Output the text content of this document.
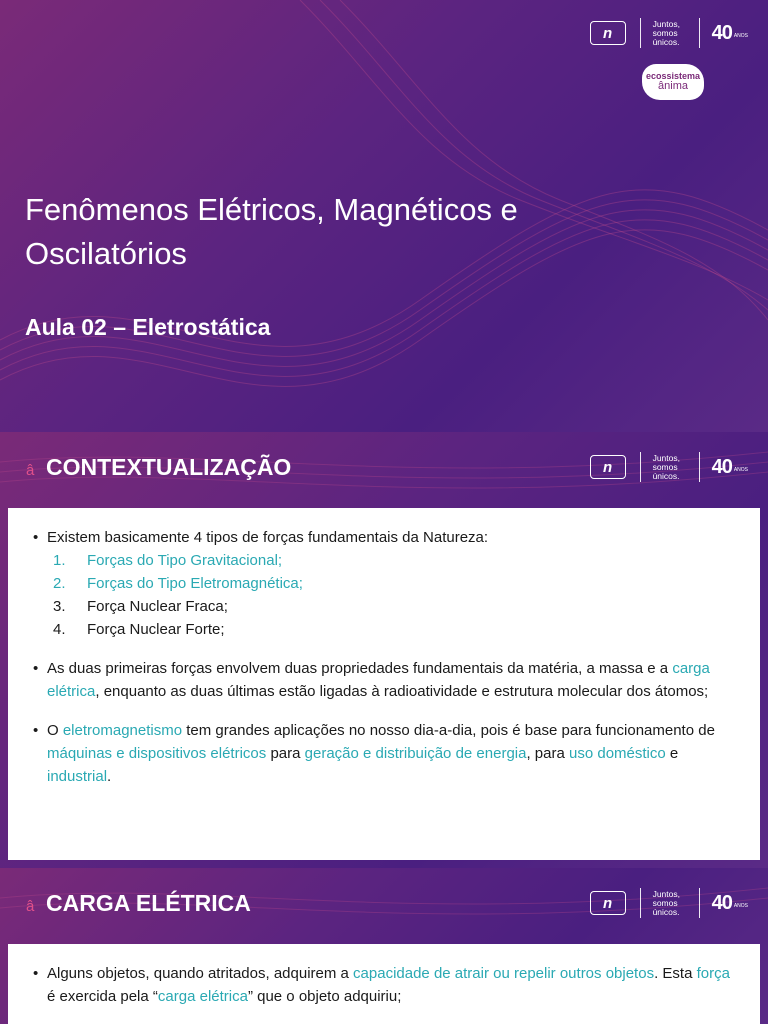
n
Juntos,
somos
únicos. 40 ANOS
ecossistema
ânima
Fenômenos Elétricos, Magnéticos e
Oscilatórios
Aula 02 – Eletrostática
â CONTEXTUALIZAÇÃO	n
Juntos,
somos
únicos. 40 ANOS
• Existem basicamente 4 tipos de forças fundamentais da Natureza:
1. Forças do Tipo Gravitacional;
2. Forças do Tipo Eletromagnética;
3. Força Nuclear Fraca;
4. Força Nuclear Forte;
• As duas primeiras forças envolvem duas propriedades fundamentais da matéria, a massa e a carga elétrica, enquanto as duas últimas estão ligadas à radioatividade e estrutura molecular dos átomos;
• O eletromagnetismo tem grandes aplicações no nosso dia-a-dia, pois é base para funcionamento de máquinas e dispositivos elétricos para geração e distribuição de energia, para uso doméstico e industrial.
â CARGA ELÉTRICA	n
Juntos,
somos
únicos. 40 ANOS
• Alguns objetos, quando atritados, adquirem a capacidade de atrair ou repelir outros objetos. Esta força é exercida pela “carga elétrica” que o objeto adquiriu;
